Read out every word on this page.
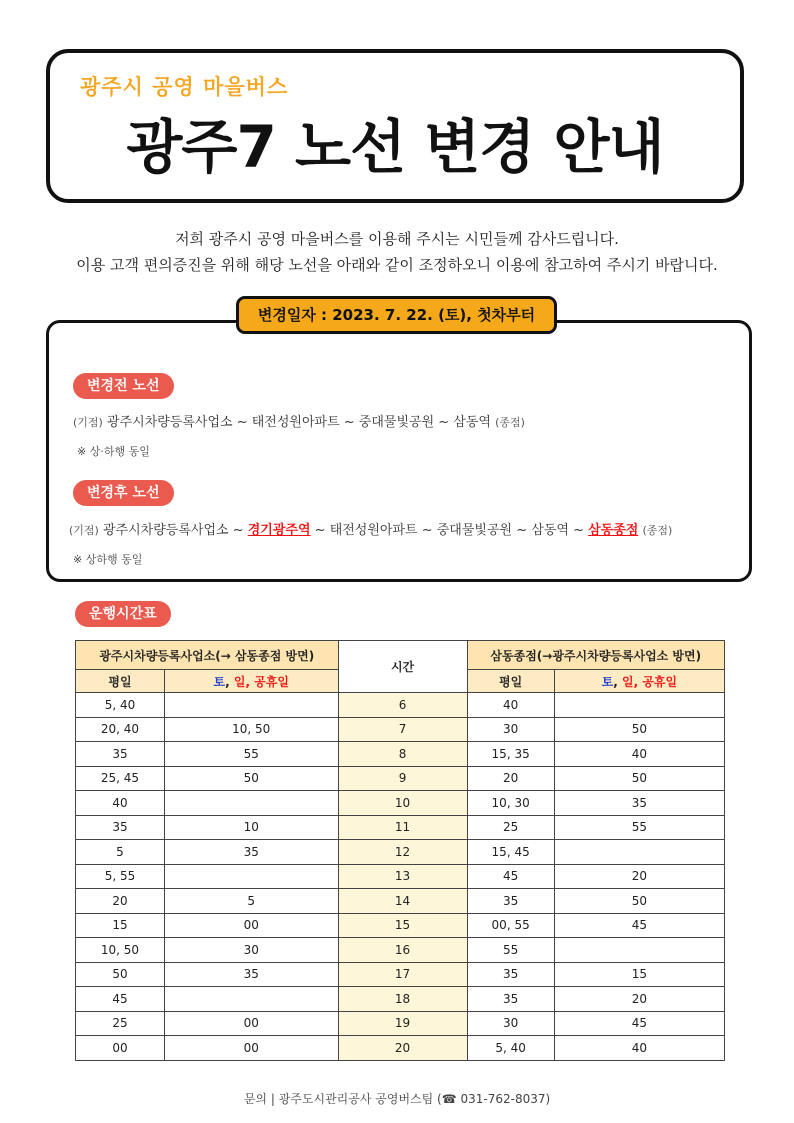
광주시 공영 마을버스
광주7 노선 변경 안내
저희 광주시 공영 마을버스를 이용해 주시는 시민들께 감사드립니다.
이용 고객 편의증진을 위해 해당 노선을 아래와 같이 조정하오니 이용에 참고하여 주시기 바랍니다.
변경일자 : 2023. 7. 22. (토), 첫차부터
변경전 노선
(기점) 광주시차량등록사업소 ~ 태전성원아파트 ~ 중대물빛공원 ~ 삼동역 (종점)
※ 상·하행 동일
변경후 노선
(기점) 광주시차량등록사업소 ~ 경기광주역 ~ 태전성원아파트 ~ 중대물빛공원 ~ 삼동역 ~ 삼동종점 (종점)
※ 상하행 동일
운행시간표
광주시차량등록사업소(→ 삼동종점 방면)		시간	삼동종점(→광주시차량등록사업소 방면)	
평일	토, 일, 공휴일		평일	토, 일, 공휴일
5, 40		6	40	
20, 40	10, 50	7	30	50
35	55	8	15, 35	40
25, 45	50	9	20	50
40		10	10, 30	35
35	10	11	25	55
5	35	12	15, 45	
5, 55		13	45	20
20	5	14	35	50
15	00	15	00, 55	45
10, 50	30	16	55	
50	35	17	35	15
45		18	35	20
25	00	19	30	45
00	00	20	5, 40	40
문의 | 광주도시관리공사 공영버스팀 (☎ 031-762-8037)
